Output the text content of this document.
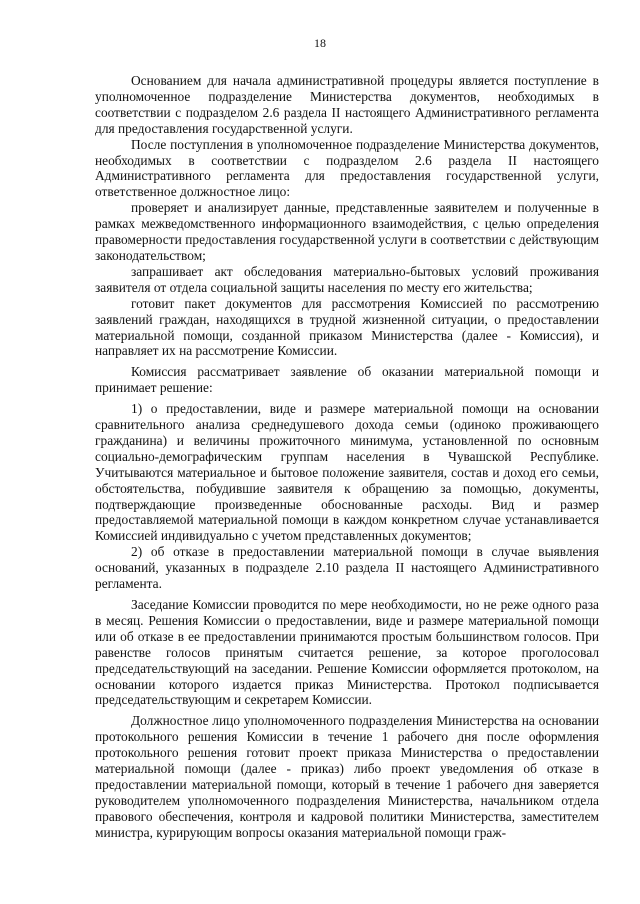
18

Основанием для начала административной процедуры является поступление в уполномоченное подразделение Министерства документов, необходимых в соответствии с подразделом 2.6 раздела II настоящего Административного регламента для предоставления государственной услуги.

После поступления в уполномоченное подразделение Министерства документов, необходимых в соответствии с подразделом 2.6 раздела II настоящего Административного регламента для предоставления государственной услуги, ответственное должностное лицо:

проверяет и анализирует данные, представленные заявителем и полученные в рамках межведомственного информационного взаимодействия, с целью определения правомерности предоставления государственной услуги в соответствии с действующим законодательством;

запрашивает акт обследования материально-бытовых условий проживания заявителя от отдела социальной защиты населения по месту его жительства;

готовит пакет документов для рассмотрения Комиссией по рассмотрению заявлений граждан, находящихся в трудной жизненной ситуации, о предоставлении материальной помощи, созданной приказом Министерства (далее - Комиссия), и направляет их на рассмотрение Комиссии.

Комиссия рассматривает заявление об оказании материальной помощи и принимает решение:

1) о предоставлении, виде и размере материальной помощи на основании сравнительного анализа среднедушевого дохода семьи (одиноко проживающего гражданина) и величины прожиточного минимума, установленной по основным социально-демографическим группам населения в Чувашской Республике. Учитываются материальное и бытовое положение заявителя, состав и доход его семьи, обстоятельства, побудившие заявителя к обращению за помощью, документы, подтверждающие произведенные обоснованные расходы. Вид и размер предоставляемой материальной помощи в каждом конкретном случае устанавливается Комиссией индивидуально с учетом представленных документов;

2) об отказе в предоставлении материальной помощи в случае выявления оснований, указанных в подразделе 2.10 раздела II настоящего Административного регламента.

Заседание Комиссии проводится по мере необходимости, но не реже одного раза в месяц. Решения Комиссии о предоставлении, виде и размере материальной помощи или об отказе в ее предоставлении принимаются простым большинством голосов. При равенстве голосов принятым считается решение, за которое проголосовал председательствующий на заседании. Решение Комиссии оформляется протоколом, на основании которого издается приказ Министерства. Протокол подписывается председательствующим и секретарем Комиссии.

Должностное лицо уполномоченного подразделения Министерства на основании протокольного решения Комиссии в течение 1 рабочего дня после оформления протокольного решения готовит проект приказа Министерства о предоставлении материальной помощи (далее - приказ) либо проект уведомления об отказе в предоставлении материальной помощи, который в течение 1 рабочего дня заверяется руководителем уполномоченного подразделения Министерства, начальником отдела правового обеспечения, контроля и кадровой политики Министерства, заместителем министра, курирующим вопросы оказания материальной помощи граж-
